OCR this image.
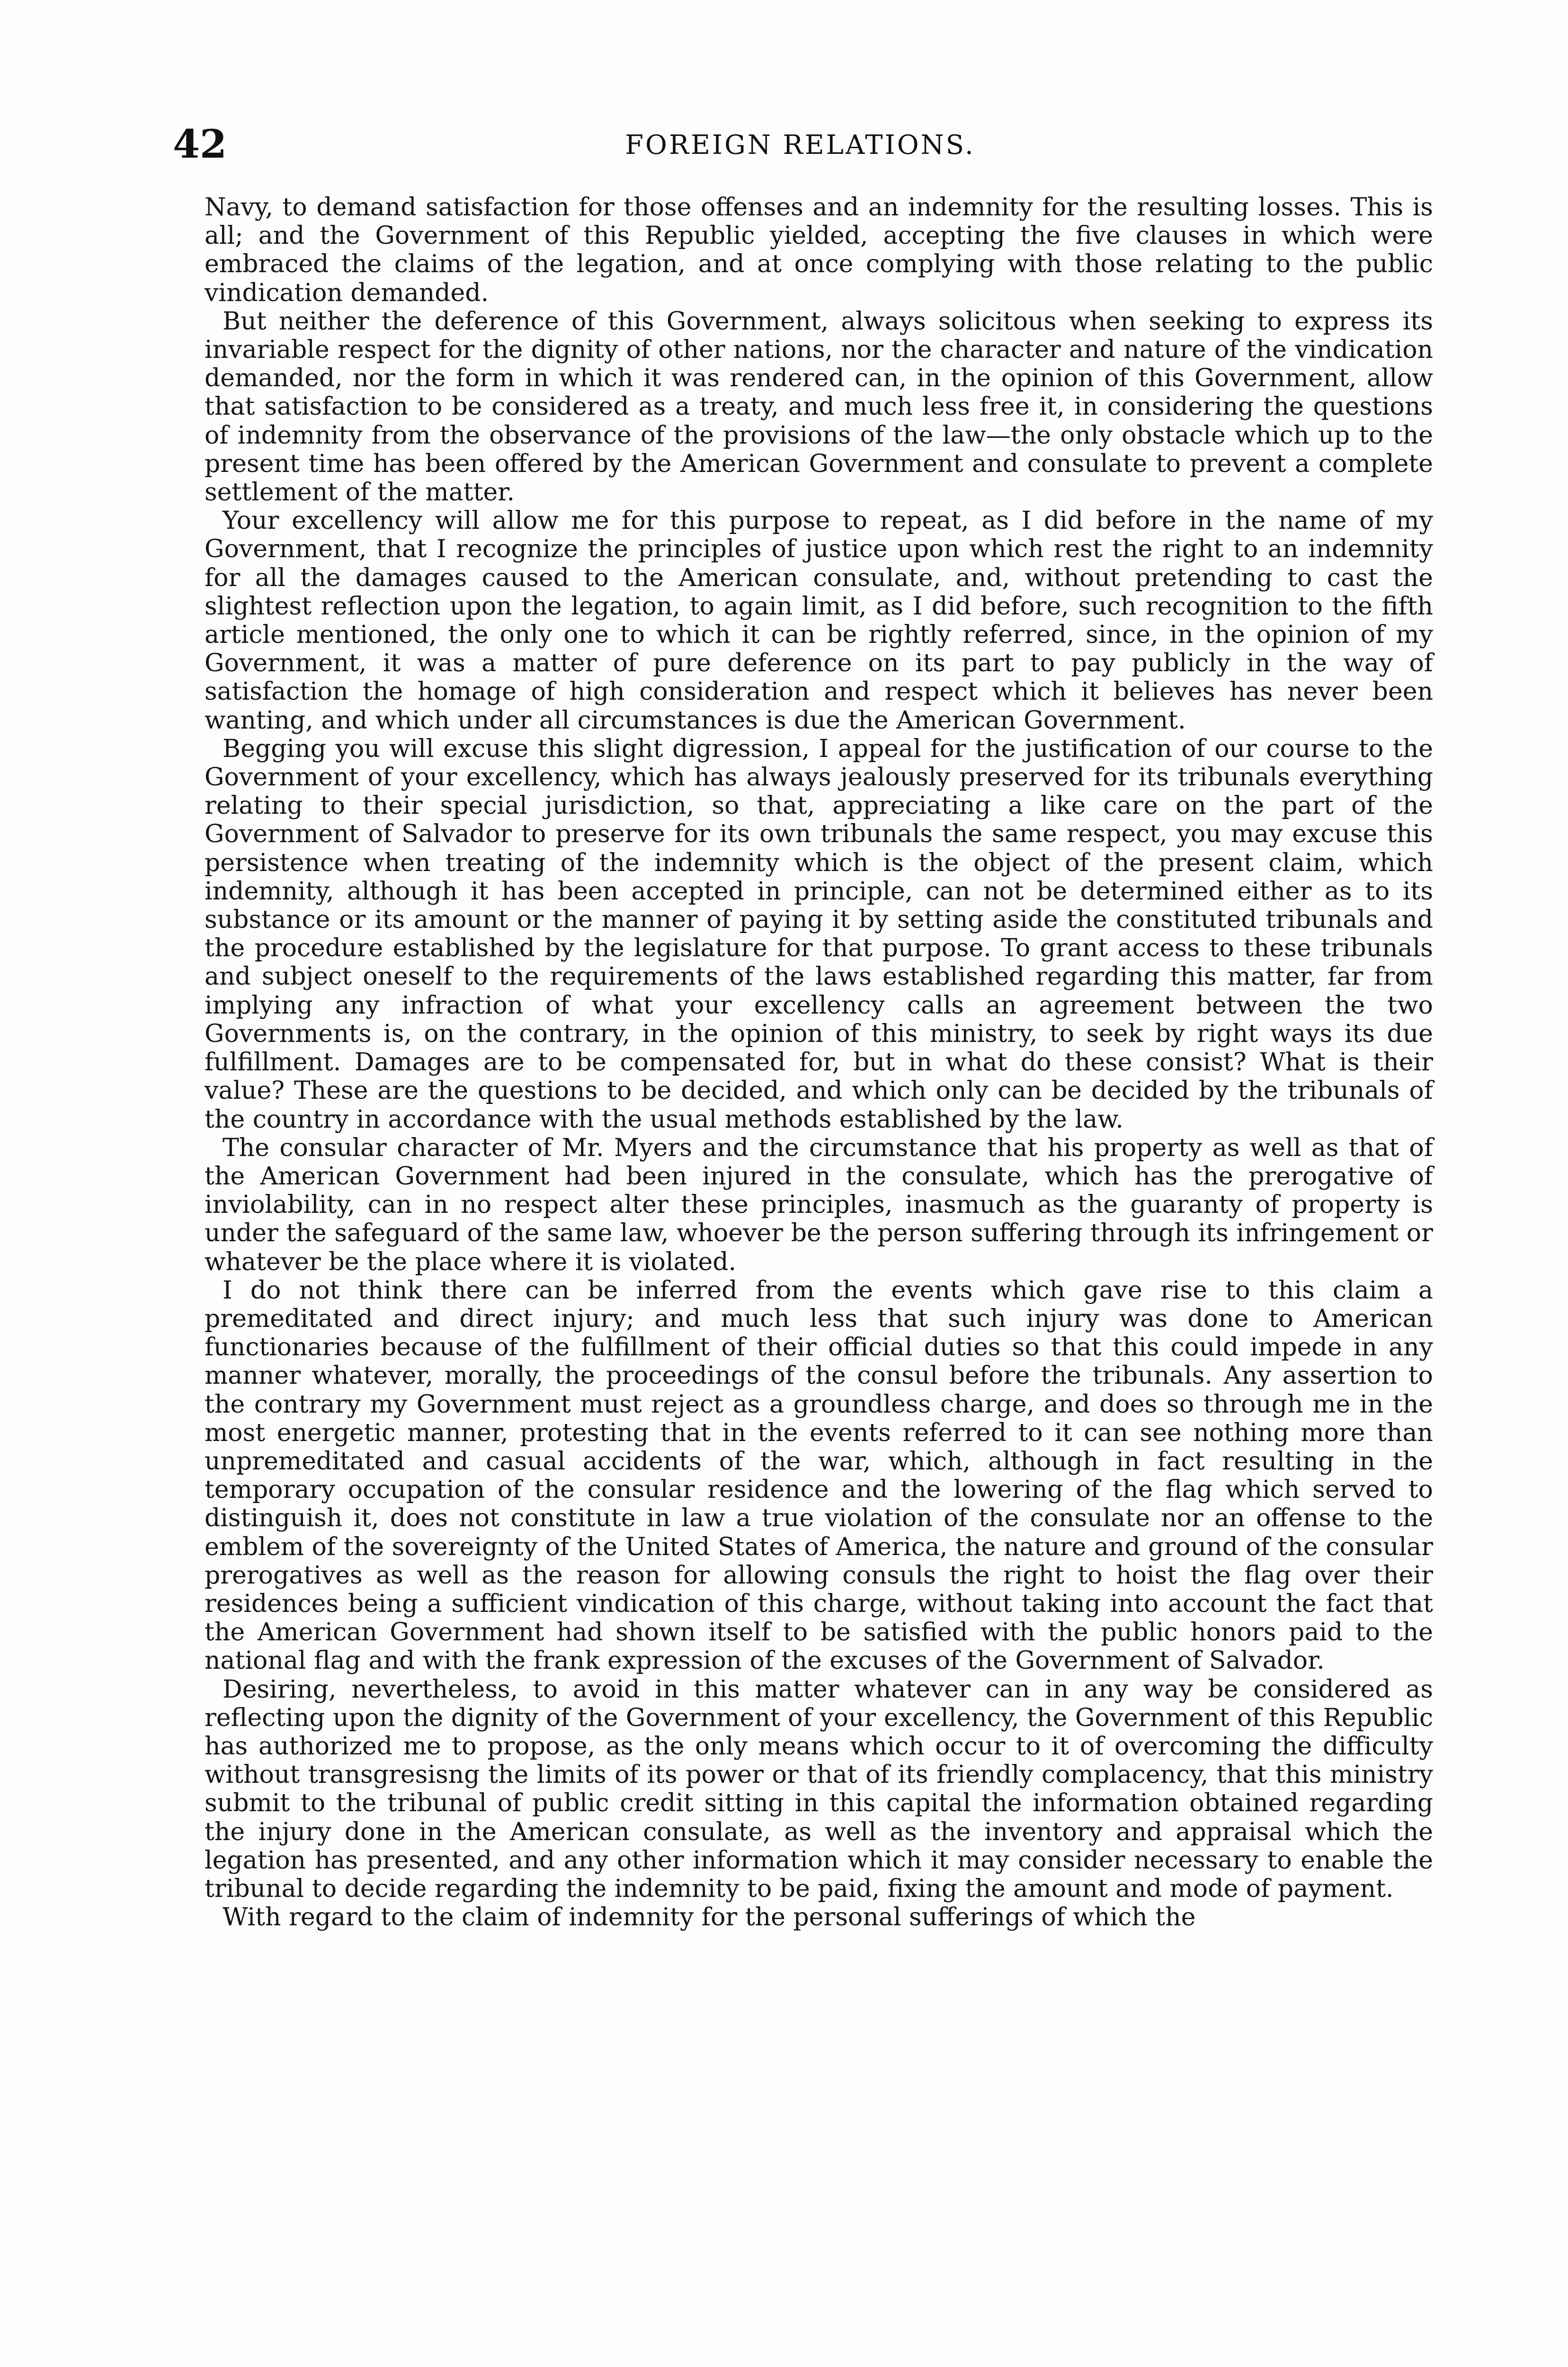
42	FOREIGN RELATIONS.

Navy, to demand satisfaction for those offenses and an indemnity for the resulting losses. This is all; and the Government of this Republic yielded, accepting the five clauses in which were embraced the claims of the legation, and at once complying with those relating to the public vindication demanded.

But neither the deference of this Government, always solicitous when seeking to express its invariable respect for the dignity of other nations, nor the character and nature of the vindication demanded, nor the form in which it was rendered can, in the opinion of this Government, allow that satisfaction to be considered as a treaty, and much less free it, in considering the questions of indemnity from the observance of the provisions of the law—the only obstacle which up to the present time has been offered by the American Government and consulate to prevent a complete settlement of the matter.

Your excellency will allow me for this purpose to repeat, as I did before in the name of my Government, that I recognize the principles of justice upon which rest the right to an indemnity for all the damages caused to the American consulate, and, without pretending to cast the slightest reflection upon the legation, to again limit, as I did before, such recognition to the fifth article mentioned, the only one to which it can be rightly referred, since, in the opinion of my Government, it was a matter of pure deference on its part to pay publicly in the way of satisfaction the homage of high consideration and respect which it believes has never been wanting, and which under all circumstances is due the American Government.

Begging you will excuse this slight digression, I appeal for the justification of our course to the Government of your excellency, which has always jealously preserved for its tribunals everything relating to their special jurisdiction, so that, appreciating a like care on the part of the Government of Salvador to preserve for its own tribunals the same respect, you may excuse this persistence when treating of the indemnity which is the object of the present claim, which indemnity, although it has been accepted in principle, can not be determined either as to its substance or its amount or the manner of paying it by setting aside the constituted tribunals and the procedure established by the legislature for that purpose. To grant access to these tribunals and subject oneself to the requirements of the laws established regarding this matter, far from implying any infraction of what your excellency calls an agreement between the two Governments is, on the contrary, in the opinion of this ministry, to seek by right ways its due fulfillment. Damages are to be compensated for, but in what do these consist? What is their value? These are the questions to be decided, and which only can be decided by the tribunals of the country in accordance with the usual methods established by the law.

The consular character of Mr. Myers and the circumstance that his property as well as that of the American Government had been injured in the consulate, which has the prerogative of inviolability, can in no respect alter these principles, inasmuch as the guaranty of property is under the safeguard of the same law, whoever be the person suffering through its infringement or whatever be the place where it is violated.

I do not think there can be inferred from the events which gave rise to this claim a premeditated and direct injury; and much less that such injury was done to American functionaries because of the fulfillment of their official duties so that this could impede in any manner whatever, morally, the proceedings of the consul before the tribunals. Any assertion to the contrary my Government must reject as a groundless charge, and does so through me in the most energetic manner, protesting that in the events referred to it can see nothing more than unpremeditated and casual accidents of the war, which, although in fact resulting in the temporary occupation of the consular residence and the lowering of the flag which served to distinguish it, does not constitute in law a true violation of the consulate nor an offense to the emblem of the sovereignty of the United States of America, the nature and ground of the consular prerogatives as well as the reason for allowing consuls the right to hoist the flag over their residences being a sufficient vindication of this charge, without taking into account the fact that the American Government had shown itself to be satisfied with the public honors paid to the national flag and with the frank expression of the excuses of the Government of Salvador.

Desiring, nevertheless, to avoid in this matter whatever can in any way be considered as reflecting upon the dignity of the Government of your excellency, the Government of this Republic has authorized me to propose, as the only means which occur to it of overcoming the difficulty without transgresisng the limits of its power or that of its friendly complacency, that this ministry submit to the tribunal of public credit sitting in this capital the information obtained regarding the injury done in the American consulate, as well as the inventory and appraisal which the legation has presented, and any other information which it may consider necessary to enable the tribunal to decide regarding the indemnity to be paid, fixing the amount and mode of payment.

With regard to the claim of indemnity for the personal sufferings of which the
